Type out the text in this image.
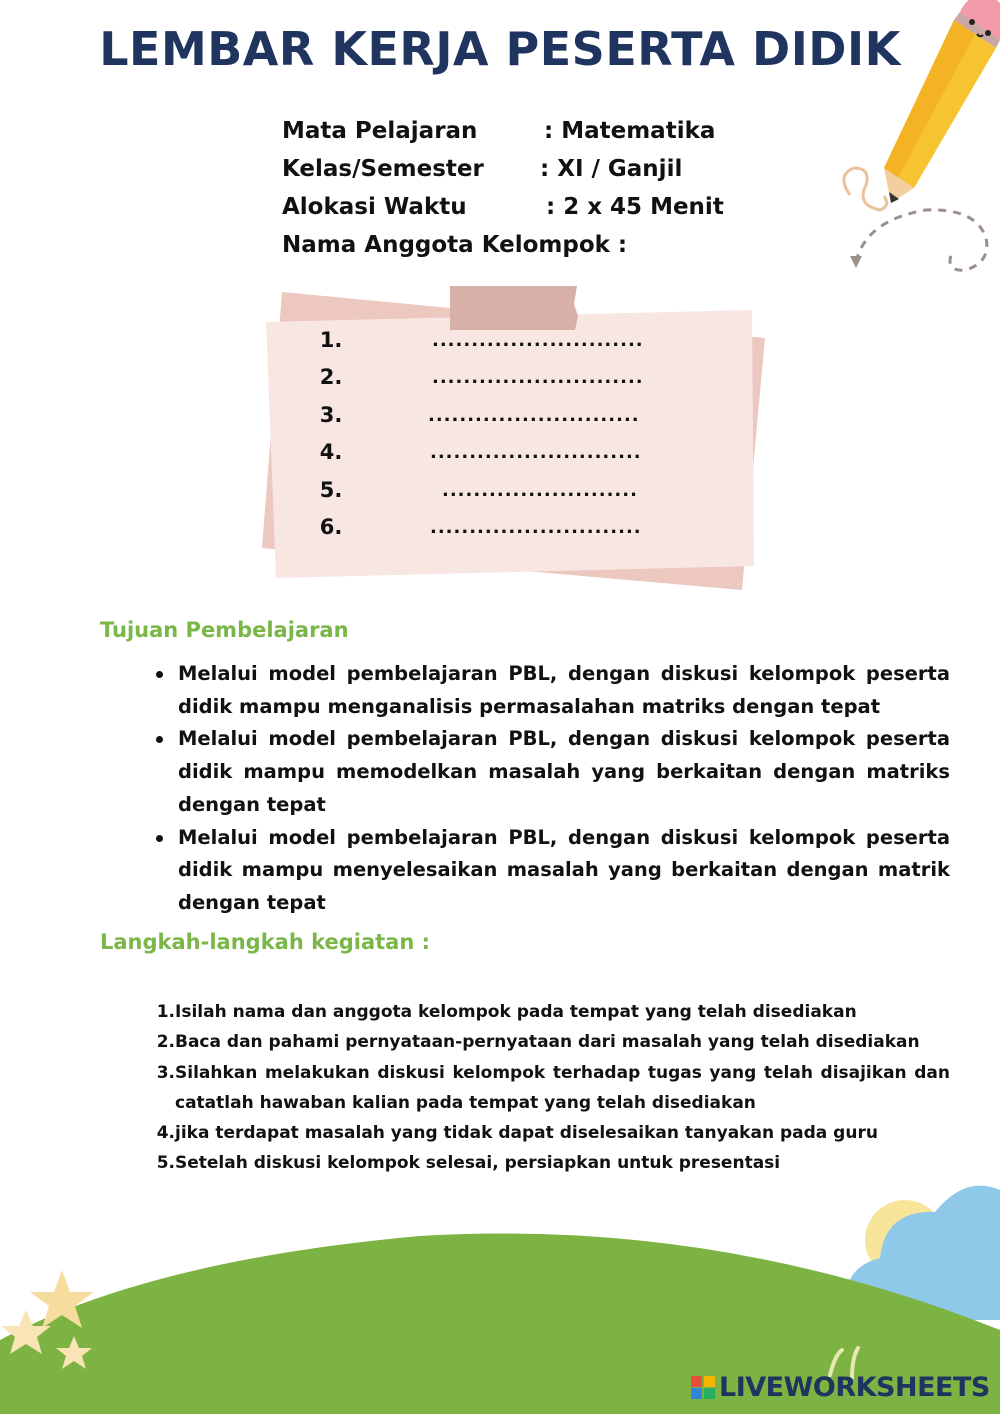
LEMBAR KERJA PESERTA DIDIK
Mata Pelajaran	: Matematika
Kelas/Semester	: XI / Ganjil
Alokasi Waktu	: 2 x 45 Menit
Nama Anggota Kelompok :
1.	...........................
2.	...........................
3.	...........................
4.	...........................
5.	.........................
6.	...........................
Tujuan Pembelajaran
Melalui model pembelajaran PBL, dengan diskusi kelompok peserta didik mampu menganalisis permasalahan matriks dengan tepat
Melalui model pembelajaran PBL, dengan diskusi kelompok peserta didik mampu memodelkan masalah yang berkaitan dengan matriks dengan tepat
Melalui model pembelajaran PBL, dengan diskusi kelompok peserta didik mampu menyelesaikan masalah yang berkaitan dengan matrik dengan tepat
Langkah-langkah kegiatan :
1. Isilah nama dan anggota kelompok pada tempat yang telah disediakan
2. Baca dan pahami pernyataan-pernyataan dari masalah yang telah disediakan
3. Silahkan melakukan diskusi kelompok terhadap tugas yang telah disajikan dan catatlah hawaban kalian pada tempat yang telah disediakan
4. jika terdapat masalah yang tidak dapat diselesaikan tanyakan pada guru
5. Setelah diskusi kelompok selesai, persiapkan untuk presentasi
LIVEWORKSHEETS
